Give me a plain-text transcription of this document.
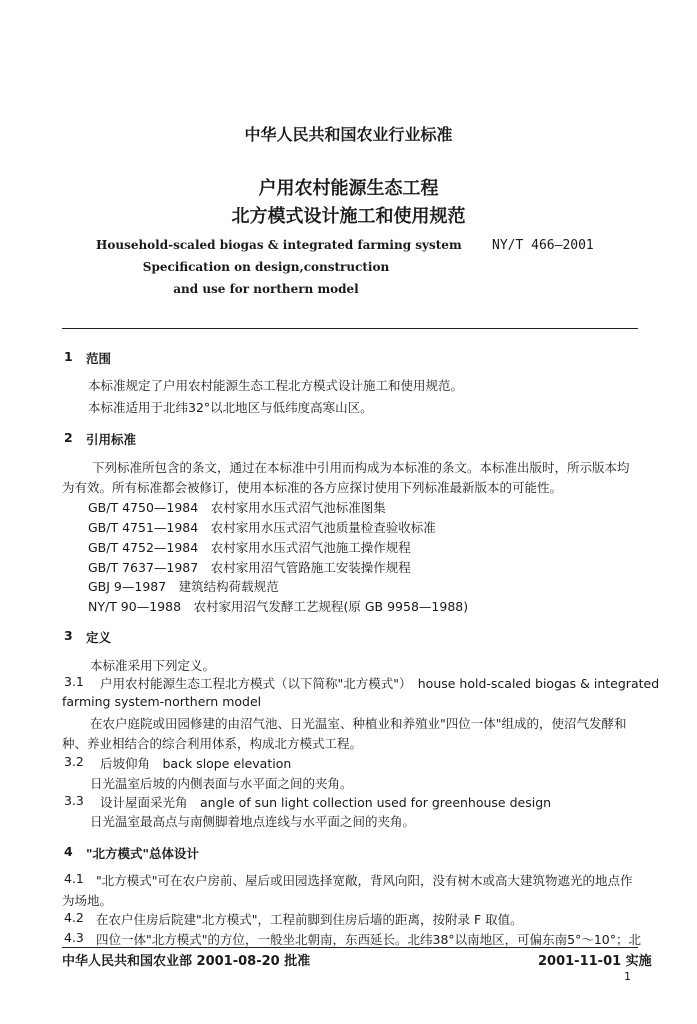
中华人民共和国农业行业标准
户用农村能源生态工程
北方模式设计施工和使用规范
Household-scaled biogas & integrated farming system
Specification on design,construction
and use for northern model
NY/T 466—2001
1 范围
本标准规定了户用农村能源生态工程北方模式设计施工和使用规范。
本标准适用于北纬32°以北地区与低纬度高寒山区。
2 引用标准
下列标准所包含的条文，通过在本标准中引用而构成为本标准的条文。本标准出版时，所示版本均
为有效。所有标准都会被修订，使用本标准的各方应探讨使用下列标准最新版本的可能性。
GB/T 4750—1984　农村家用水压式沼气池标准图集
GB/T 4751—1984　农村家用水压式沼气池质量检查验收标准
GB/T 4752—1984　农村家用水压式沼气池施工操作规程
GB/T 7637—1987　农村家用沼气管路施工安装操作规程
GBJ 9—1987　建筑结构荷载规范
NY/T 90—1988　农村家用沼气发酵工艺规程(原 GB 9958—1988)
3 定义
本标准采用下列定义。
3.1 户用农村能源生态工程北方模式（以下简称"北方模式"）　house hold-scaled biogas & integrated
farming system-northern model
在农户庭院或田园修建的由沼气池、日光温室、种植业和养殖业"四位一体"组成的，使沼气发酵和
种、养业相结合的综合利用体系，构成北方模式工程。
3.2 后坡仰角　back slope elevation
日光温室后坡的内侧表面与水平面之间的夹角。
3.3 设计屋面采光角　angle of sun light collection used for greenhouse design
日光温室最高点与南侧脚着地点连线与水平面之间的夹角。
4 "北方模式"总体设计
4.1 "北方模式"可在农户房前、屋后或田园选择宽敞，背风向阳，没有树木或高大建筑物遮光的地点作
为场地。
4.2 在农户住房后院建"北方模式"，工程前脚到住房后墙的距离，按附录 F 取值。
4.3 四位一体"北方模式"的方位，一般坐北朝南，东西延长。北纬38°以南地区，可偏东南5°～10°；北
中华人民共和国农业部 2001-08-20 批准	2001-11-01 实施
1
